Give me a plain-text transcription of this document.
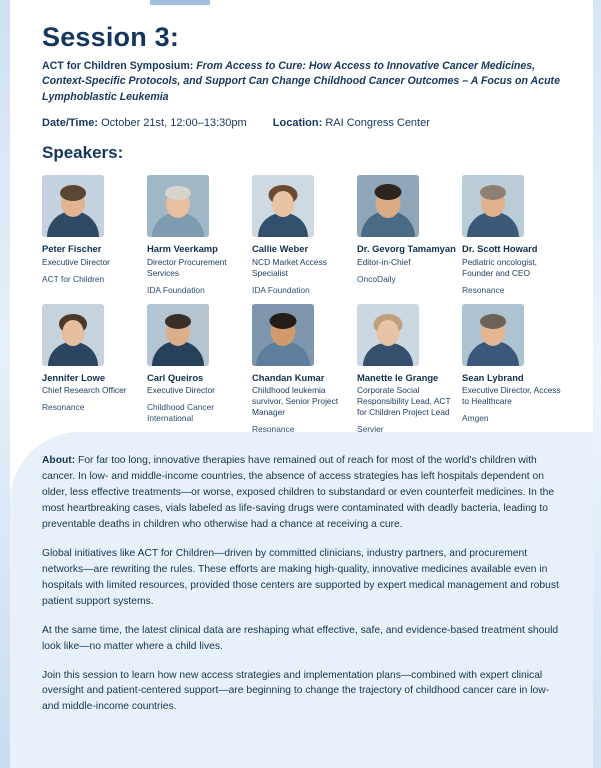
Session 3:
ACT for Children Symposium: From Access to Cure: How Access to Innovative Cancer Medicines, Context-Specific Protocols, and Support Can Change Childhood Cancer Outcomes – A Focus on Acute Lymphoblastic Leukemia
Date/Time: October 21st, 12:00–13:30pm Location: RAI Congress Center
Speakers:
Peter Fischer
Executive Director
ACT for Children
Harm Veerkamp
Director Procurement Services
IDA Foundation
Callie Weber
NCD Market Access Specialist
IDA Foundation
Dr. Gevorg Tamamyan
Editor-in-Chief
OncoDaily
Dr. Scott Howard
Pediatric oncologist, Founder and CEO
Resonance
Jennifer Lowe
Chief Research Officer
Resonance
Carl Queiros
Executive Director
Childhood Cancer International
Chandan Kumar
Childhood leukemia survivor, Senior Project Manager
Resonance
Manette le Grange
Corporate Social Responsibility Lead, ACT for Children Project Lead
Servier
Sean Lybrand
Executive Director, Access to Healthcare
Amgen

About: For far too long, innovative therapies have remained out of reach for most of the world's children with cancer. In low- and middle-income countries, the absence of access strategies has left hospitals dependent on older, less effective treatments—or worse, exposed children to substandard or even counterfeit medicines. In the most heartbreaking cases, vials labeled as life-saving drugs were contaminated with deadly bacteria, leading to preventable deaths in children who otherwise had a chance at receiving a cure.

Global initiatives like ACT for Children—driven by committed clinicians, industry partners, and procurement networks—are rewriting the rules. These efforts are making high-quality, innovative medicines available even in hospitals with limited resources, provided those centers are supported by expert medical management and robust patient support systems.

At the same time, the latest clinical data are reshaping what effective, safe, and evidence-based treatment should look like—no matter where a child lives.

Join this session to learn how new access strategies and implementation plans—combined with expert clinical oversight and patient-centered support—are beginning to change the trajectory of childhood cancer care in low- and middle-income countries.
